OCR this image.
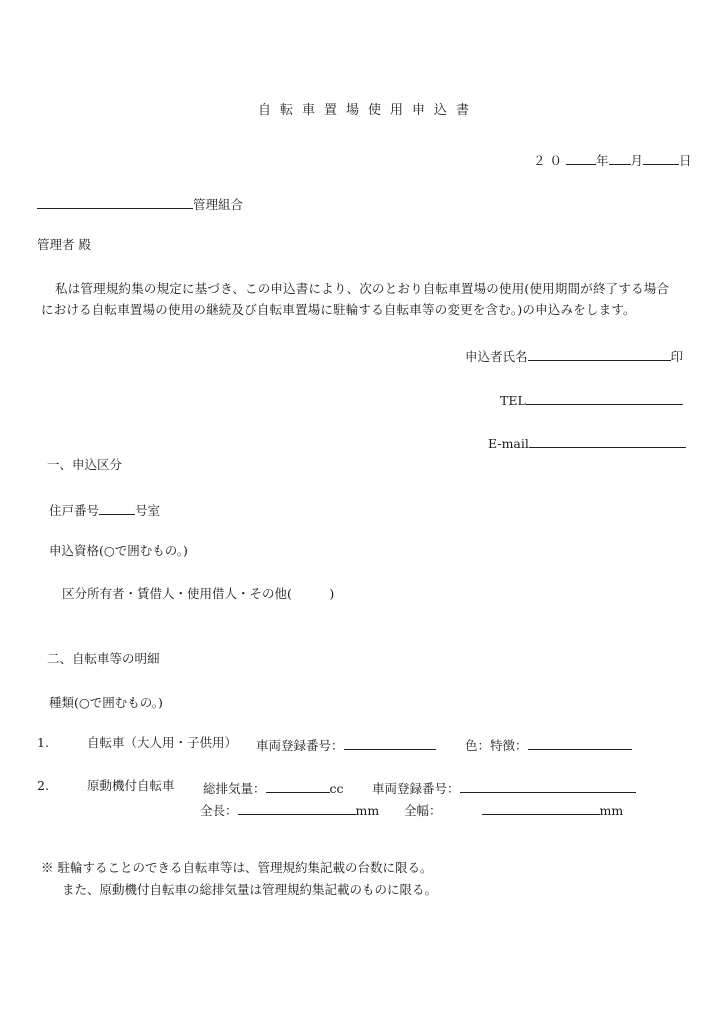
自転車置場使用申込書
２０ 年 月	日
管理組合
管理者 殿
私は管理規約集の規定に基づき、この申込書により、次のとおり自転車置場の使用(使用期間が終了する場合
における自転車置場の使用の継続及び自転車置場に駐輪する自転車等の変更を含む。)の申込みをします。
申込者氏名	印
TEL
E-mail
一、申込区分
住戸番号	号室
申込資格(○で囲むもの。)
区分所有者・賃借人・使用借人・その他(　　　)
二、自転車等の明細
種類(○で囲むもの。)
1.	自転車（大人用・子供用） 車両登録番号：	色：特徴：
2.	原動機付自転車 総排気量：	cc 車両登録番号：
全長：	mm 全幅：	mm
※ 駐輪することのできる自転車等は、管理規約集記載の台数に限る。
また、原動機付自転車の総排気量は管理規約集記載のものに限る。
